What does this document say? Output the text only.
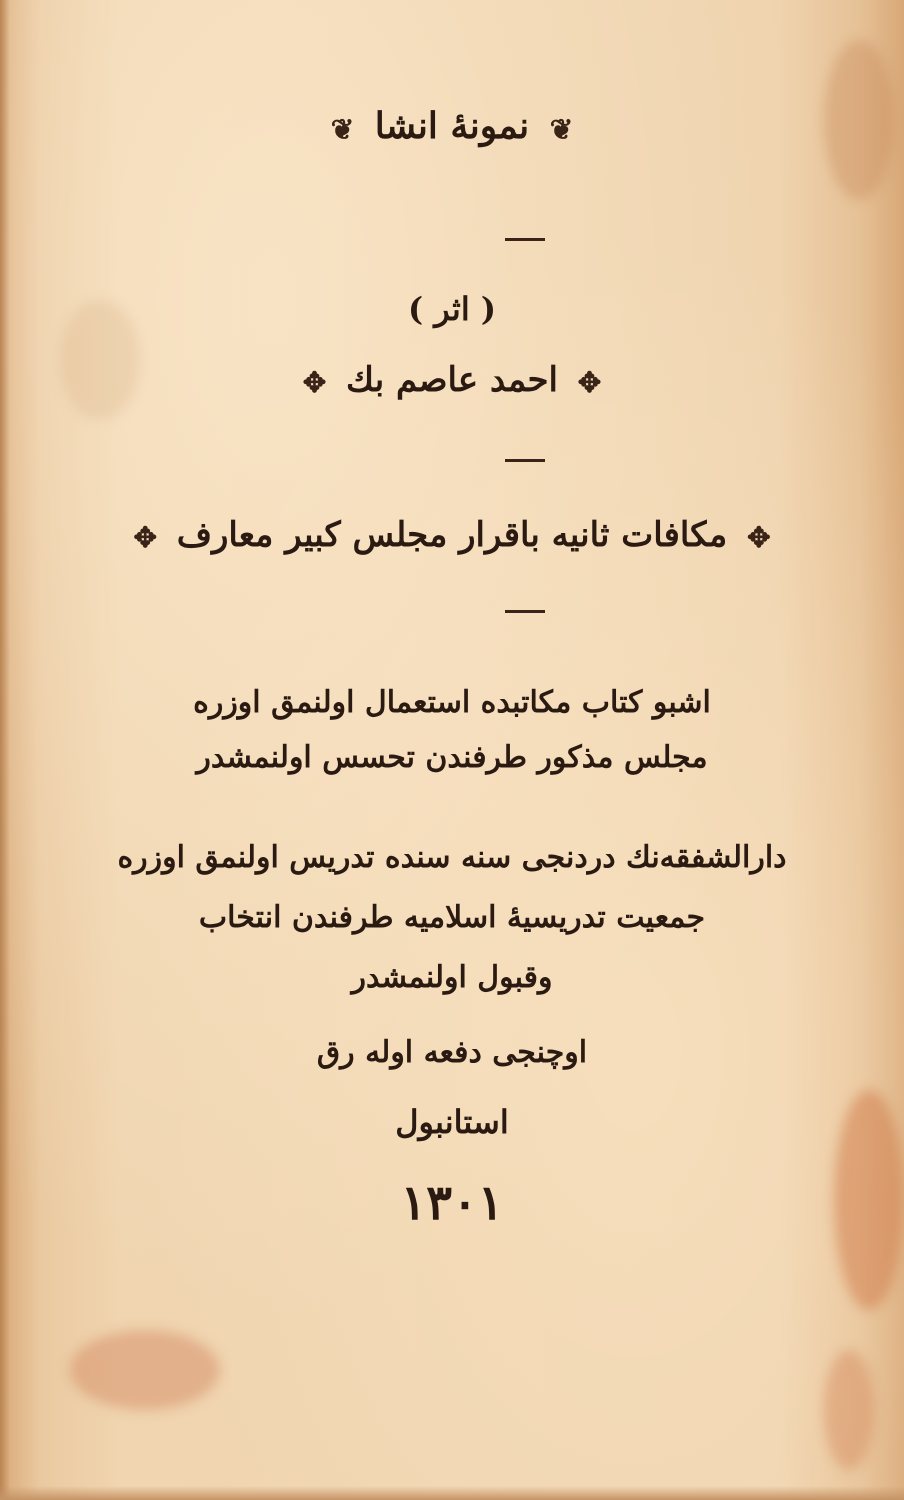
❦ نمونهٔ انشا ❦
( اثر )
✥ احمد عاصم بك ✥
✥ مكافات ثانيه باقرار مجلس كبير معارف ✥
اشبو كتاب مكاتبده استعمال اولنمق اوزره
مجلس مذكور طرفندن تحسس اولنمشدر
دارالشفقه‌نك دردنجى سنه سنده تدريس اولنمق اوزره
جمعيت تدريسيهٔ اسلاميه طرفندن انتخاب
وقبول اولنمشدر
اوچنجى دفعه اوله رق
استانبول
١٣٠١
